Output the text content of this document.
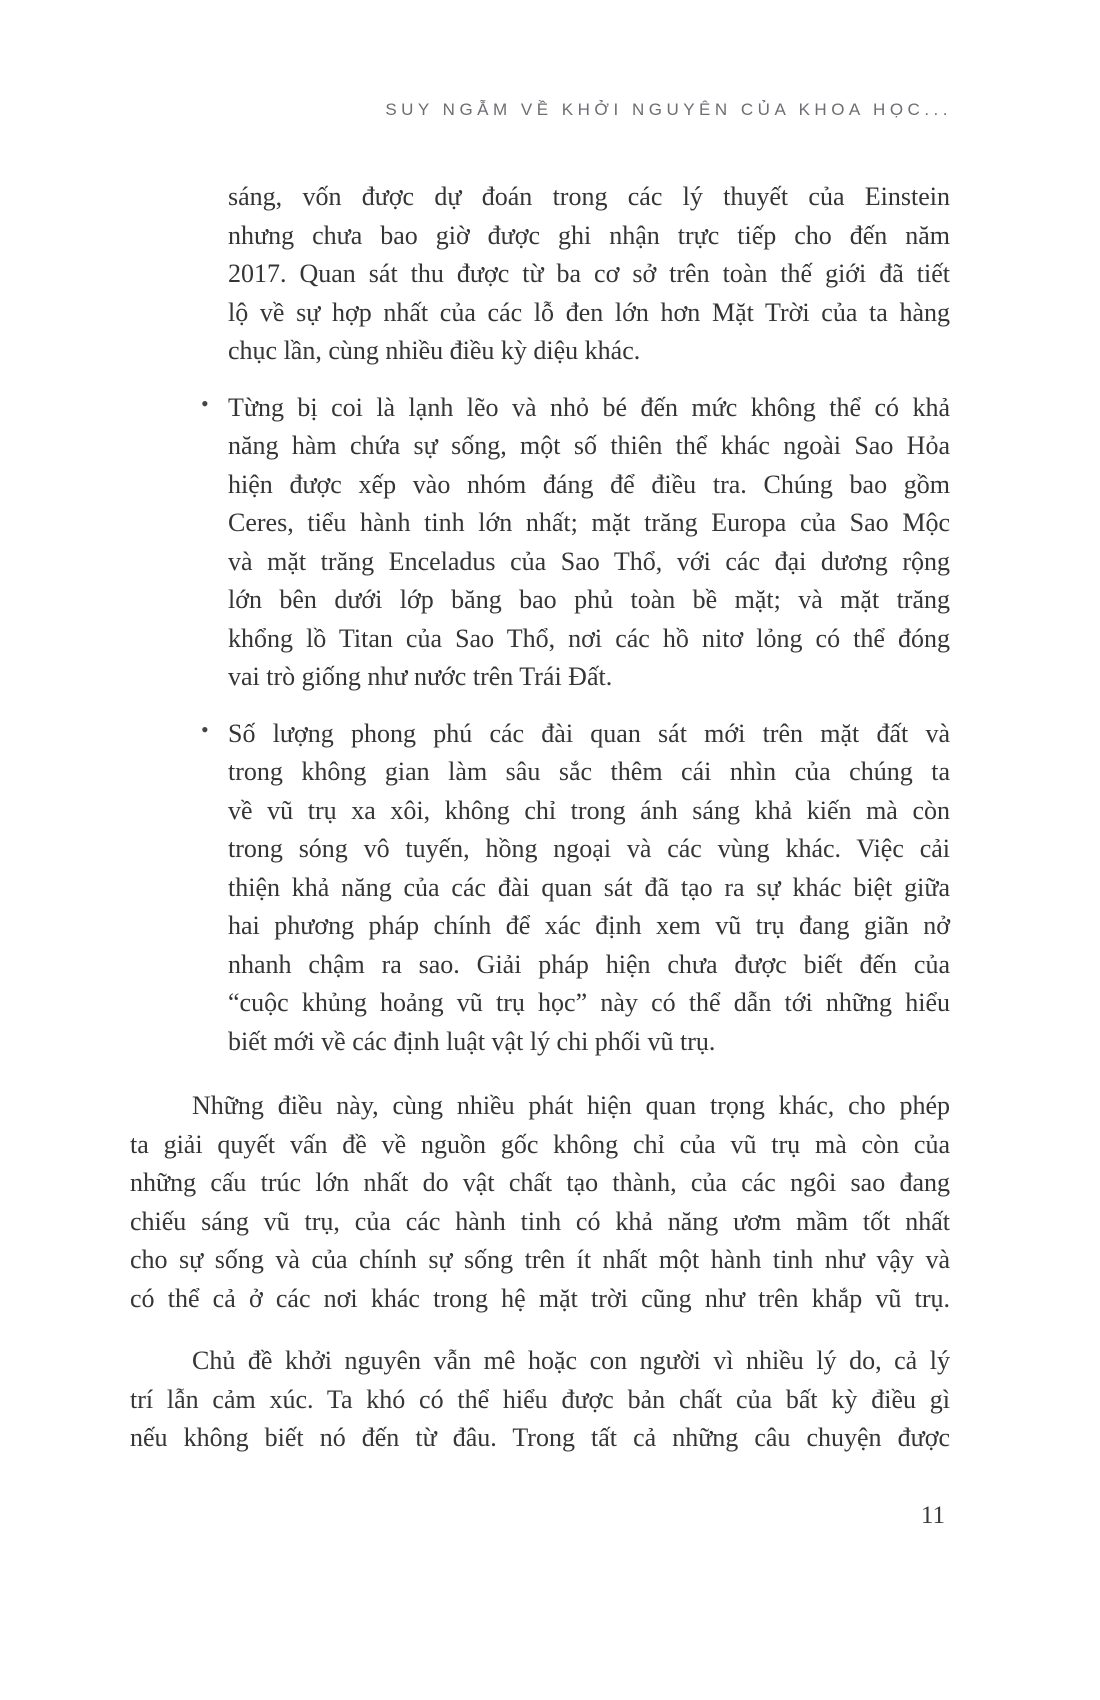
SUY NGẪM VỀ KHỞI NGUYÊN CỦA KHOA HỌC...
sáng, vốn được dự đoán trong các lý thuyết của Einstein
nhưng chưa bao giờ được ghi nhận trực tiếp cho đến năm
2017. Quan sát thu được từ ba cơ sở trên toàn thế giới đã tiết
lộ về sự hợp nhất của các lỗ đen lớn hơn Mặt Trời của ta hàng
chục lần, cùng nhiều điều kỳ diệu khác.
• Từng bị coi là lạnh lẽo và nhỏ bé đến mức không thể có khả
năng hàm chứa sự sống, một số thiên thể khác ngoài Sao Hỏa
hiện được xếp vào nhóm đáng để điều tra. Chúng bao gồm
Ceres, tiểu hành tinh lớn nhất; mặt trăng Europa của Sao Mộc
và mặt trăng Enceladus của Sao Thổ, với các đại dương rộng
lớn bên dưới lớp băng bao phủ toàn bề mặt; và mặt trăng
khổng lồ Titan của Sao Thổ, nơi các hồ nitơ lỏng có thể đóng
vai trò giống như nước trên Trái Đất.
• Số lượng phong phú các đài quan sát mới trên mặt đất và
trong không gian làm sâu sắc thêm cái nhìn của chúng ta
về vũ trụ xa xôi, không chỉ trong ánh sáng khả kiến mà còn
trong sóng vô tuyến, hồng ngoại và các vùng khác. Việc cải
thiện khả năng của các đài quan sát đã tạo ra sự khác biệt giữa
hai phương pháp chính để xác định xem vũ trụ đang giãn nở
nhanh chậm ra sao. Giải pháp hiện chưa được biết đến của
“cuộc khủng hoảng vũ trụ học” này có thể dẫn tới những hiểu
biết mới về các định luật vật lý chi phối vũ trụ.
Những điều này, cùng nhiều phát hiện quan trọng khác, cho phép
ta giải quyết vấn đề về nguồn gốc không chỉ của vũ trụ mà còn của
những cấu trúc lớn nhất do vật chất tạo thành, của các ngôi sao đang
chiếu sáng vũ trụ, của các hành tinh có khả năng ươm mầm tốt nhất
cho sự sống và của chính sự sống trên ít nhất một hành tinh như vậy và
có thể cả ở các nơi khác trong hệ mặt trời cũng như trên khắp vũ trụ.
Chủ đề khởi nguyên vẫn mê hoặc con người vì nhiều lý do, cả lý
trí lẫn cảm xúc. Ta khó có thể hiểu được bản chất của bất kỳ điều gì
nếu không biết nó đến từ đâu. Trong tất cả những câu chuyện được
11
